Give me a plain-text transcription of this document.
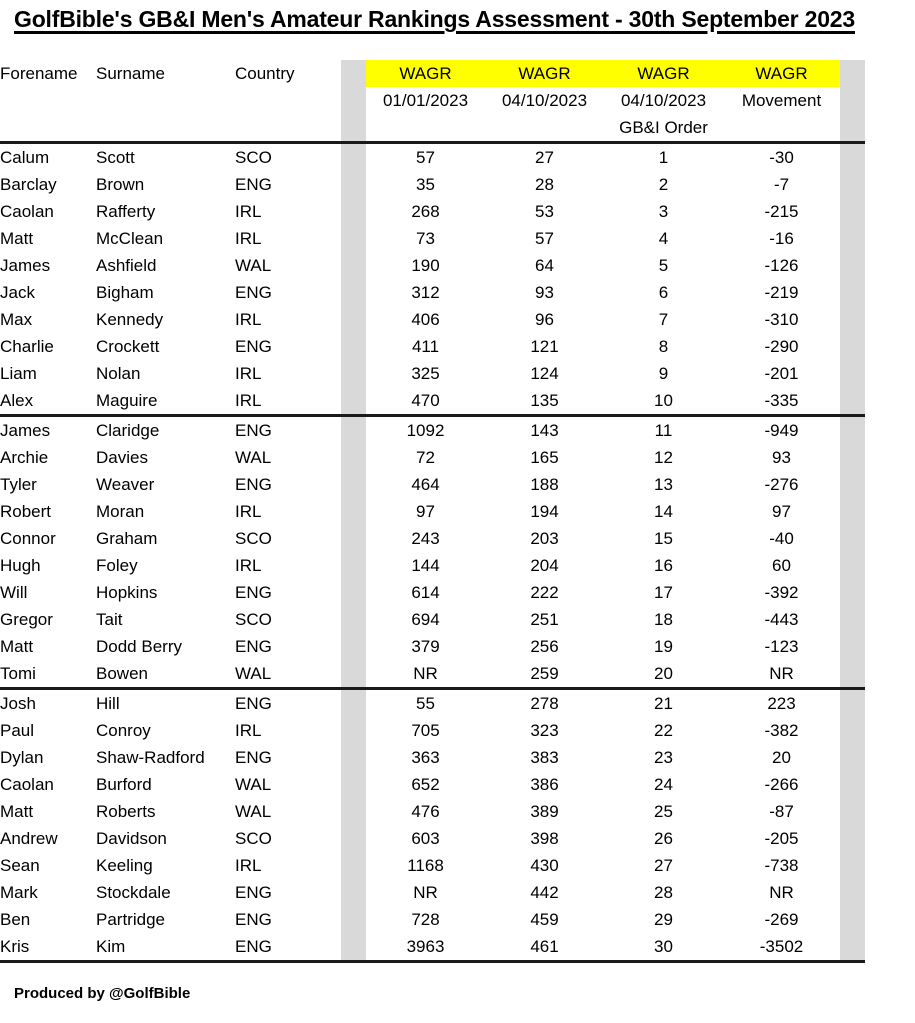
GolfBible's GB&I Men's Amateur Rankings Assessment - 30th September 2023
Forename	Surname	Country		WAGR	WAGR	WAGR	WAGR		
				01/01/2023	04/10/2023	04/10/2023	Movement		
						GB&I Order			
Calum	Scott	SCO		57	27	1	-30		
Barclay	Brown	ENG		35	28	2	-7		
Caolan	Rafferty	IRL		268	53	3	-215		
Matt	McClean	IRL		73	57	4	-16		
James	Ashfield	WAL		190	64	5	-126		
Jack	Bigham	ENG		312	93	6	-219		
Max	Kennedy	IRL		406	96	7	-310		
Charlie	Crockett	ENG		411	121	8	-290		
Liam	Nolan	IRL		325	124	9	-201		
Alex	Maguire	IRL		470	135	10	-335		
James	Claridge	ENG		1092	143	11	-949		
Archie	Davies	WAL		72	165	12	93		
Tyler	Weaver	ENG		464	188	13	-276		
Robert	Moran	IRL		97	194	14	97		
Connor	Graham	SCO		243	203	15	-40		
Hugh	Foley	IRL		144	204	16	60		
Will	Hopkins	ENG		614	222	17	-392		
Gregor	Tait	SCO		694	251	18	-443		
Matt	Dodd Berry	ENG		379	256	19	-123		
Tomi	Bowen	WAL		NR	259	20	NR		
Josh	Hill	ENG		55	278	21	223		
Paul	Conroy	IRL		705	323	22	-382		
Dylan	Shaw-Radford	ENG		363	383	23	20		
Caolan	Burford	WAL		652	386	24	-266		
Matt	Roberts	WAL		476	389	25	-87		
Andrew	Davidson	SCO		603	398	26	-205		
Sean	Keeling	IRL		1168	430	27	-738		
Mark	Stockdale	ENG		NR	442	28	NR		
Ben	Partridge	ENG		728	459	29	-269		
Kris	Kim	ENG		3963	461	30	-3502		
Produced by @GolfBible
